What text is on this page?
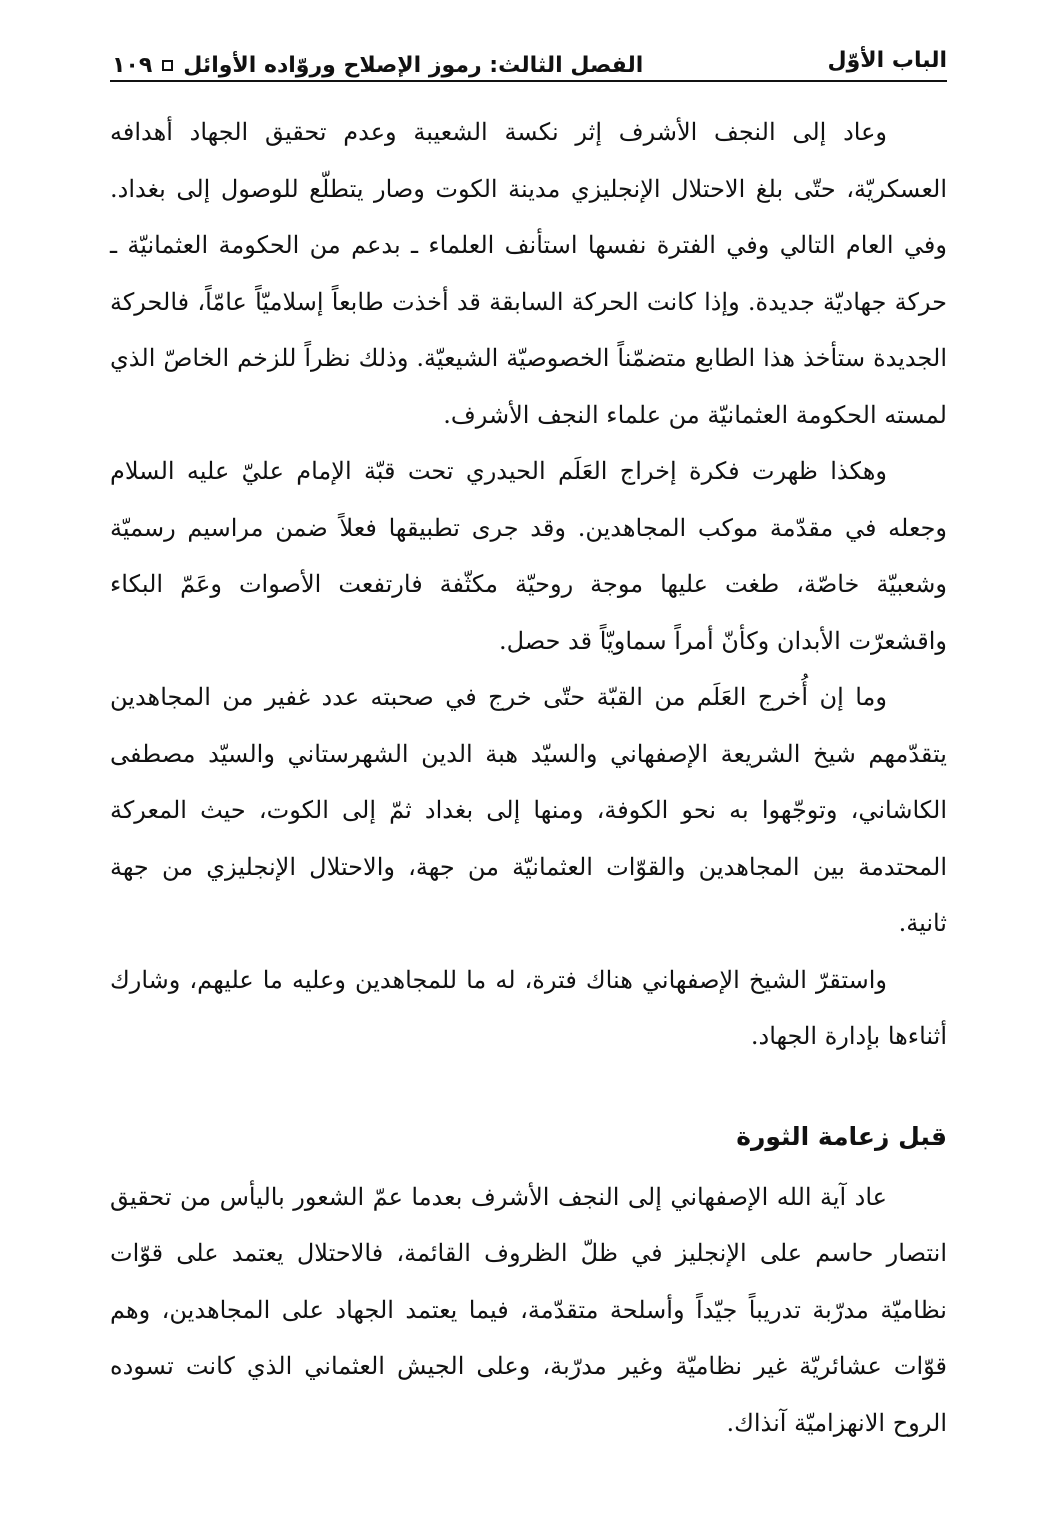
الباب الأوّل
الفصل الثالث: رموز الإصلاح وروّاده الأوائل
١٠٩

وعاد إلى النجف الأشرف إثر نكسة الشعيبة وعدم تحقيق الجهاد أهدافه العسكريّة، حتّى بلغ الاحتلال الإنجليزي مدينة الكوت وصار يتطلّع للوصول إلى بغداد. وفي العام التالي وفي الفترة نفسها استأنف العلماء ـ بدعم من الحكومة العثمانيّة ـ حركة جهاديّة جديدة. وإذا كانت الحركة السابقة قد أخذت طابعاً إسلاميّاً عامّاً، فالحركة الجديدة ستأخذ هذا الطابع متضمّناً الخصوصيّة الشيعيّة. وذلك نظراً للزخم الخاصّ الذي لمسته الحكومة العثمانيّة من علماء النجف الأشرف.

وهكذا ظهرت فكرة إخراج العَلَم الحيدري تحت قبّة الإمام عليّ عليه السلام وجعله في مقدّمة موكب المجاهدين. وقد جرى تطبيقها فعلاً ضمن مراسيم رسميّة وشعبيّة خاصّة، طغت عليها موجة روحيّة مكثّفة فارتفعت الأصوات وعَمّ البكاء واقشعرّت الأبدان وكأنّ أمراً سماويّاً قد حصل.

وما إن أُخرج العَلَم من القبّة حتّى خرج في صحبته عدد غفير من المجاهدين يتقدّمهم شيخ الشريعة الإصفهاني والسيّد هبة الدين الشهرستاني والسيّد مصطفى الكاشاني، وتوجّهوا به نحو الكوفة، ومنها إلى بغداد ثمّ إلى الكوت، حيث المعركة المحتدمة بين المجاهدين والقوّات العثمانيّة من جهة، والاحتلال الإنجليزي من جهة ثانية.

واستقرّ الشيخ الإصفهاني هناك فترة، له ما للمجاهدين وعليه ما عليهم، وشارك أثناءها بإدارة الجهاد.

قبل زعامة الثورة

عاد آية الله الإصفهاني إلى النجف الأشرف بعدما عمّ الشعور باليأس من تحقيق انتصار حاسم على الإنجليز في ظلّ الظروف القائمة، فالاحتلال يعتمد على قوّات نظاميّة مدرّبة تدريباً جيّداً وأسلحة متقدّمة، فيما يعتمد الجهاد على المجاهدين، وهم قوّات عشائريّة غير نظاميّة وغير مدرّبة، وعلى الجيش العثماني الذي كانت تسوده الروح الانهزاميّة آنذاك.
